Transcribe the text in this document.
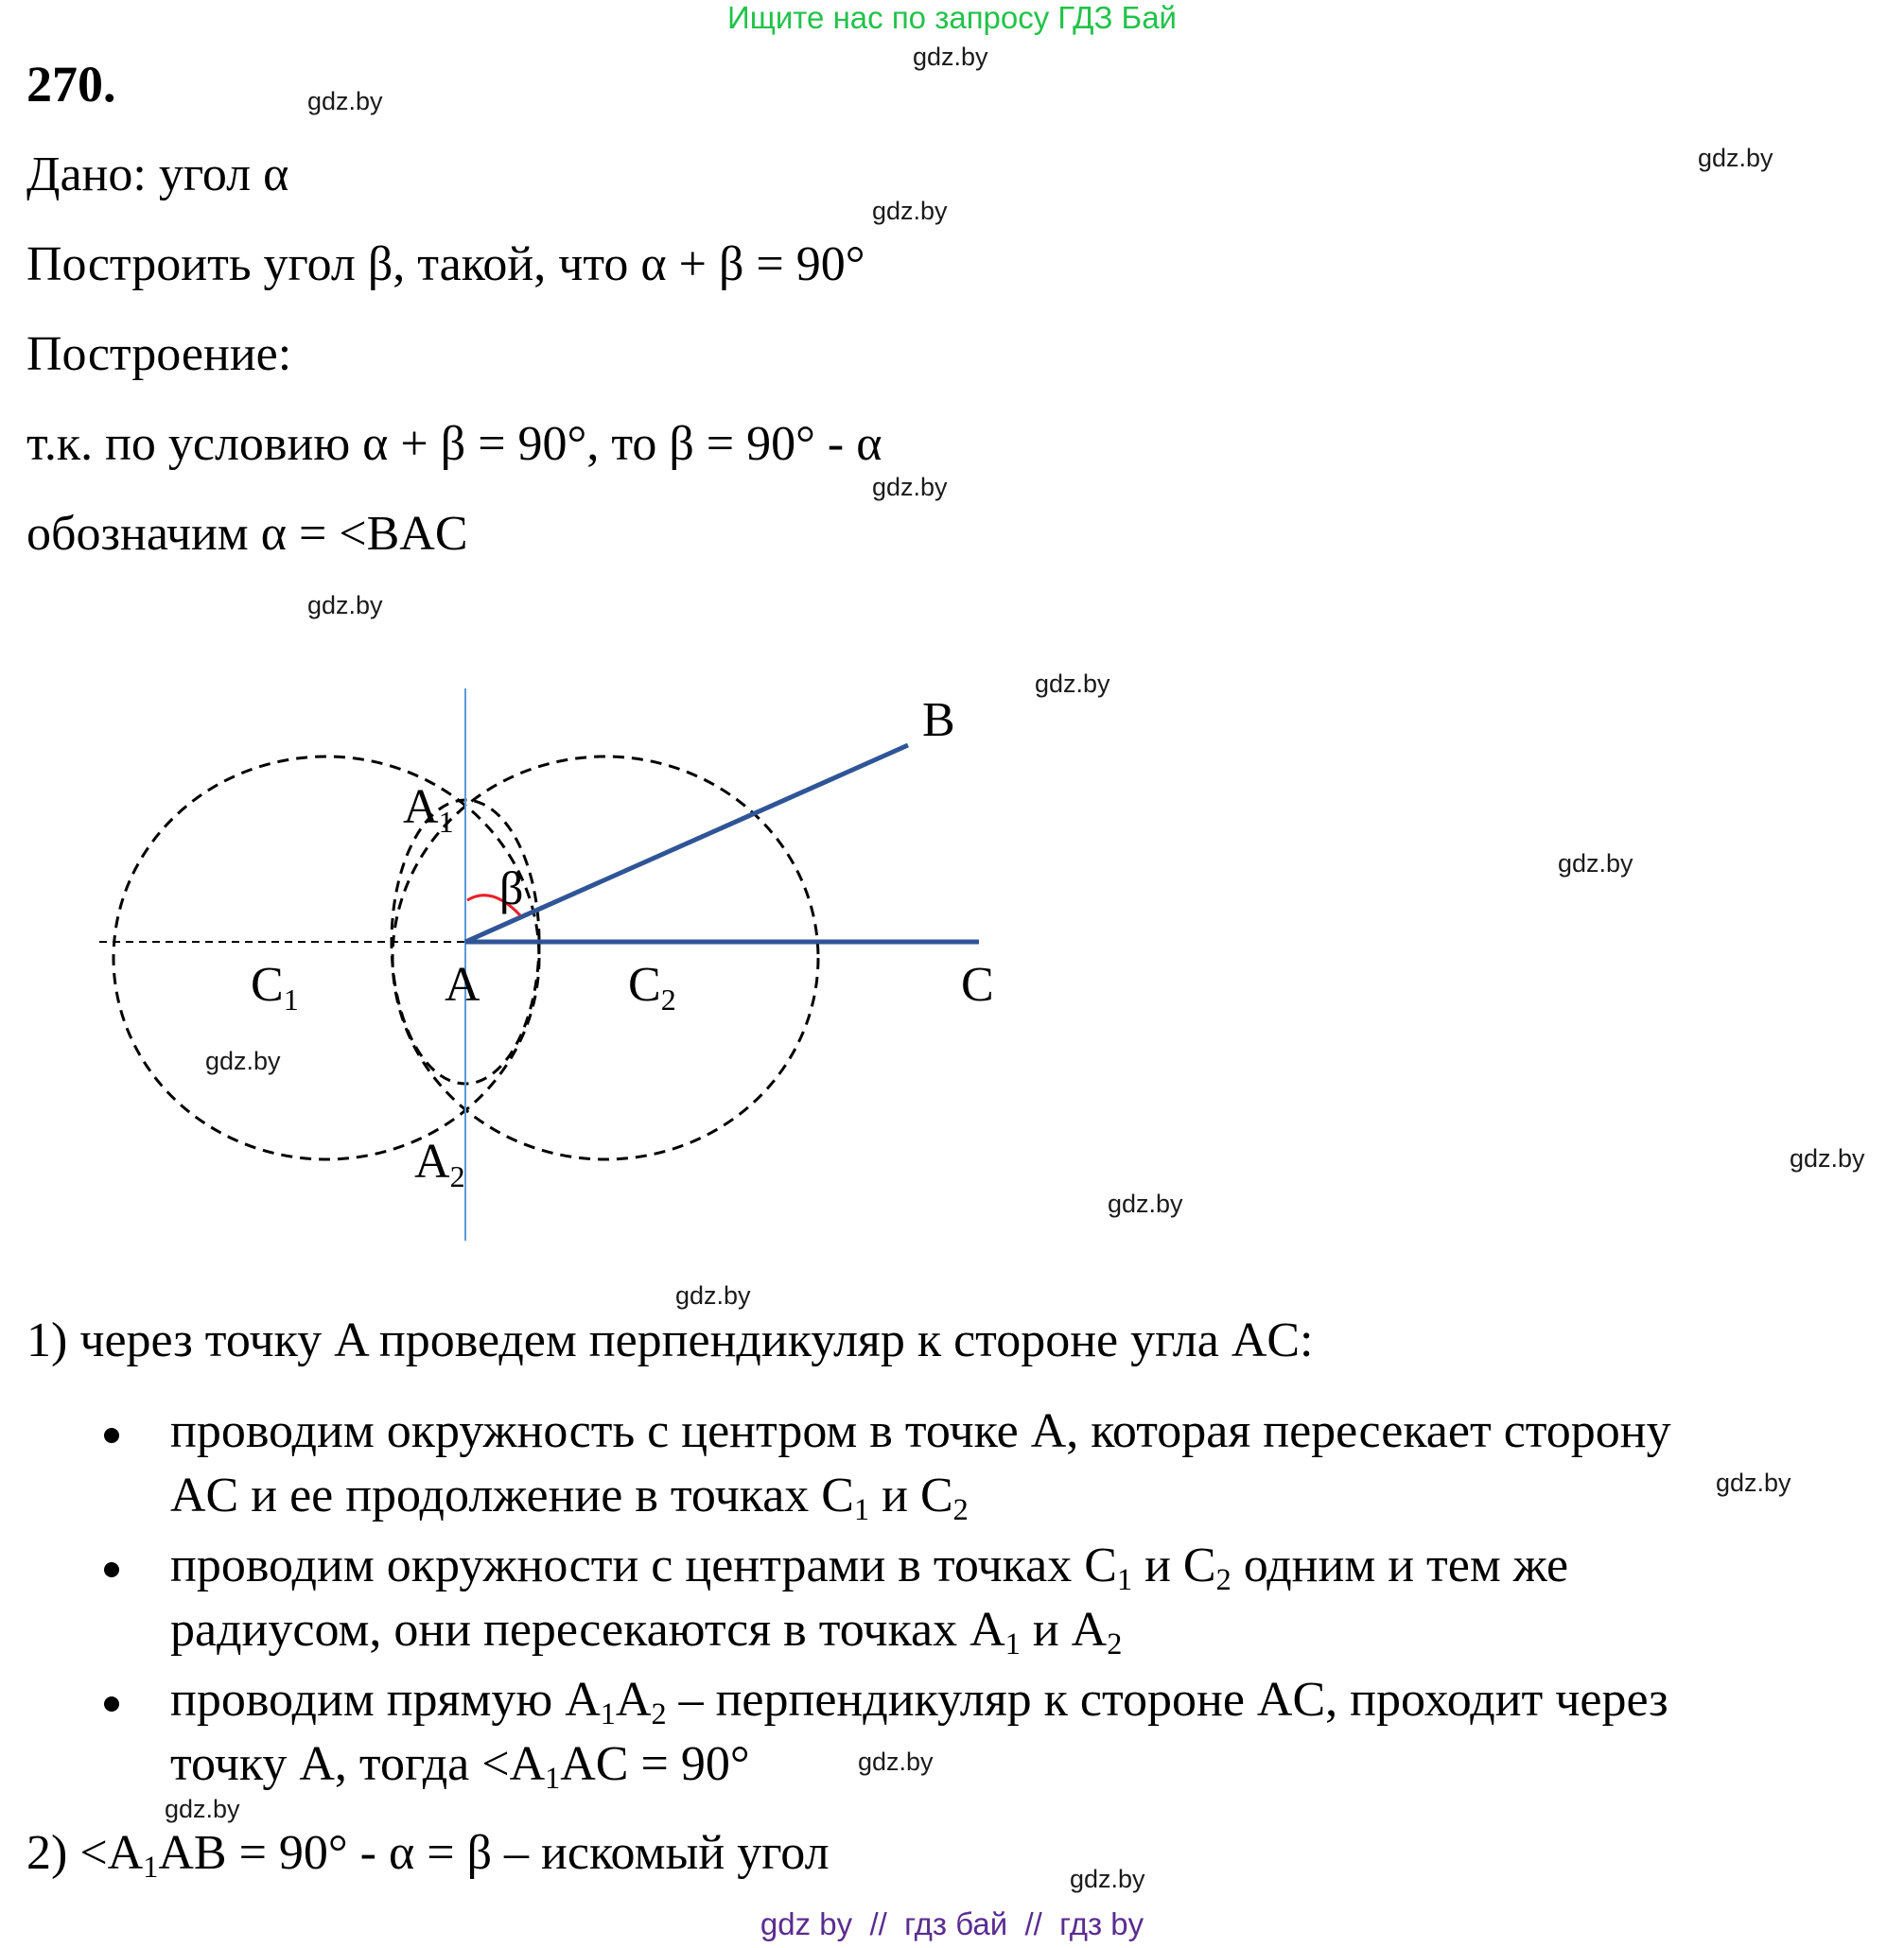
Ищите нас по запросу ГДЗ Бай
gdz.by
gdz.by
gdz.by
gdz.by
gdz.by
gdz.by
gdz.by
gdz.by
gdz.by
gdz.by
gdz.by
gdz.by
gdz.by
gdz.by
gdz.by
gdz.by
270.
Дано: угол α
Построить угол β, такой, что α + β = 90°
Построение:
т.к. по условию α + β = 90°, то β = 90° - α
обозначим α = <BAC
B
A1
β
C1	A	C2	C
A2
1) через точку A проведем перпендикуляр к стороне угла AC:
проводим окружность с центром в точке A, которая пересекает сторону
AC и ее продолжение в точках $C_1$ и $C_2$
проводим окружности с центрами в точках $C_1$ и $C_2$ одним и тем же
радиусом, они пересекаются в точках $A_1$ и $A_2$
проводим прямую $A_1A_2$ – перпендикуляр к стороне AC, проходит через
точку A, тогда $<A_1AC = 90^\circ$
$2) <A_1AB = 90^\circ - \alpha = \beta$ – искомый угол
gdz by  //  гдз бай  //  гдз by
